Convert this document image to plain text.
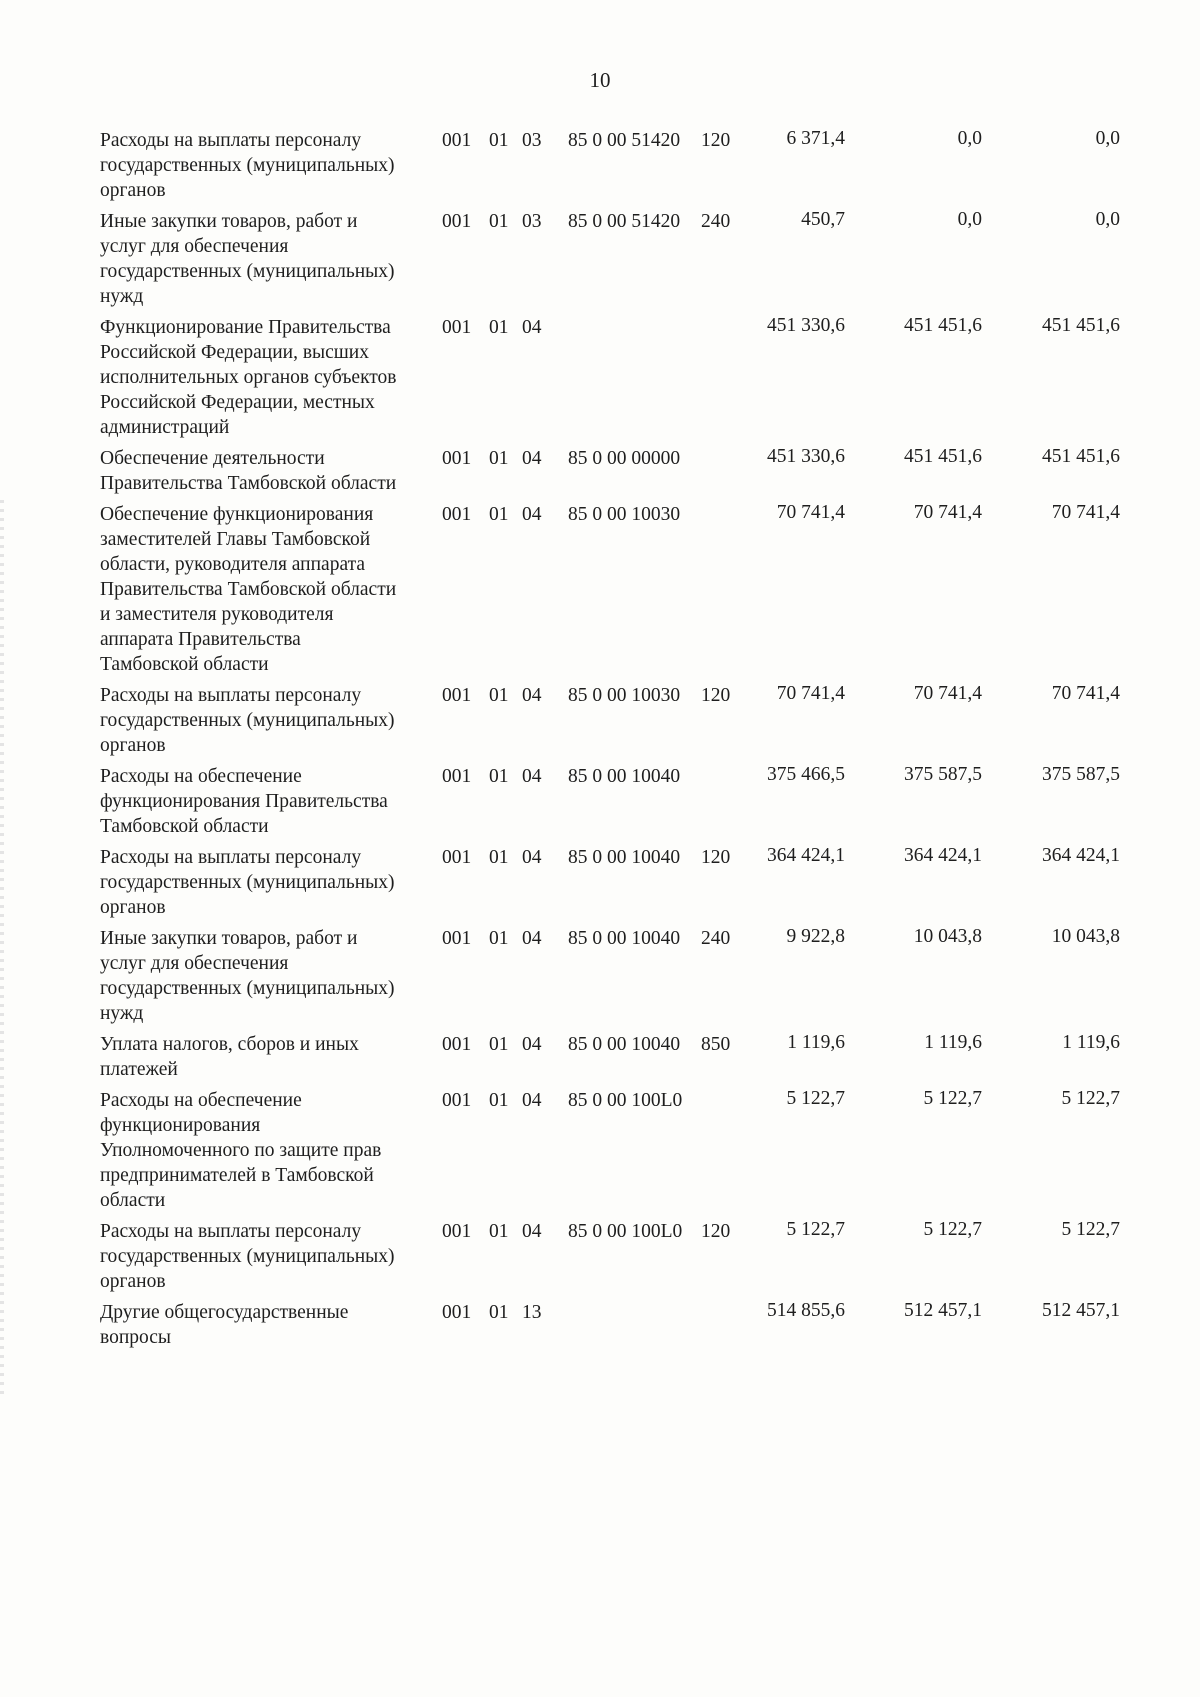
10
Расходы на выплаты персоналу государственных (муниципальных) органов
001 01 03 85 0 00 51420 120	6 371,4	0,0	0,0
Иные закупки товаров, работ и услуг для обеспечения государственных (муниципальных) нужд
001 01 03 85 0 00 51420 240	450,7	0,0	0,0
Функционирование Правительства Российской Федерации, высших исполнительных органов субъектов Российской Федерации, местных администраций
001 01 04	451 330,6	451 451,6	451 451,6
Обеспечение деятельности Правительства Тамбовской области
001 01 04 85 0 00 00000	451 330,6	451 451,6	451 451,6
Обеспечение функционирования заместителей Главы Тамбовской области, руководителя аппарата Правительства Тамбовской области и заместителя руководителя аппарата Правительства Тамбовской области
001 01 04 85 0 00 10030	70 741,4	70 741,4	70 741,4
Расходы на выплаты персоналу государственных (муниципальных) органов
001 01 04 85 0 00 10030 120	70 741,4	70 741,4	70 741,4
Расходы на обеспечение функционирования Правительства Тамбовской области
001 01 04 85 0 00 10040	375 466,5	375 587,5	375 587,5
Расходы на выплаты персоналу государственных (муниципальных) органов
001 01 04 85 0 00 10040 120	364 424,1	364 424,1	364 424,1
Иные закупки товаров, работ и услуг для обеспечения государственных (муниципальных) нужд
001 01 04 85 0 00 10040 240	9 922,8	10 043,8	10 043,8
Уплата налогов, сборов и иных платежей
001 01 04 85 0 00 10040 850	1 119,6	1 119,6	1 119,6
Расходы на обеспечение функционирования Уполномоченного по защите прав предпринимателей в Тамбовской области
001 01 04 85 0 00 100L0	5 122,7	5 122,7	5 122,7
Расходы на выплаты персоналу государственных (муниципальных) органов
001 01 04 85 0 00 100L0 120	5 122,7	5 122,7	5 122,7
Другие общегосударственные вопросы
001 01 13	514 855,6	512 457,1	512 457,1
